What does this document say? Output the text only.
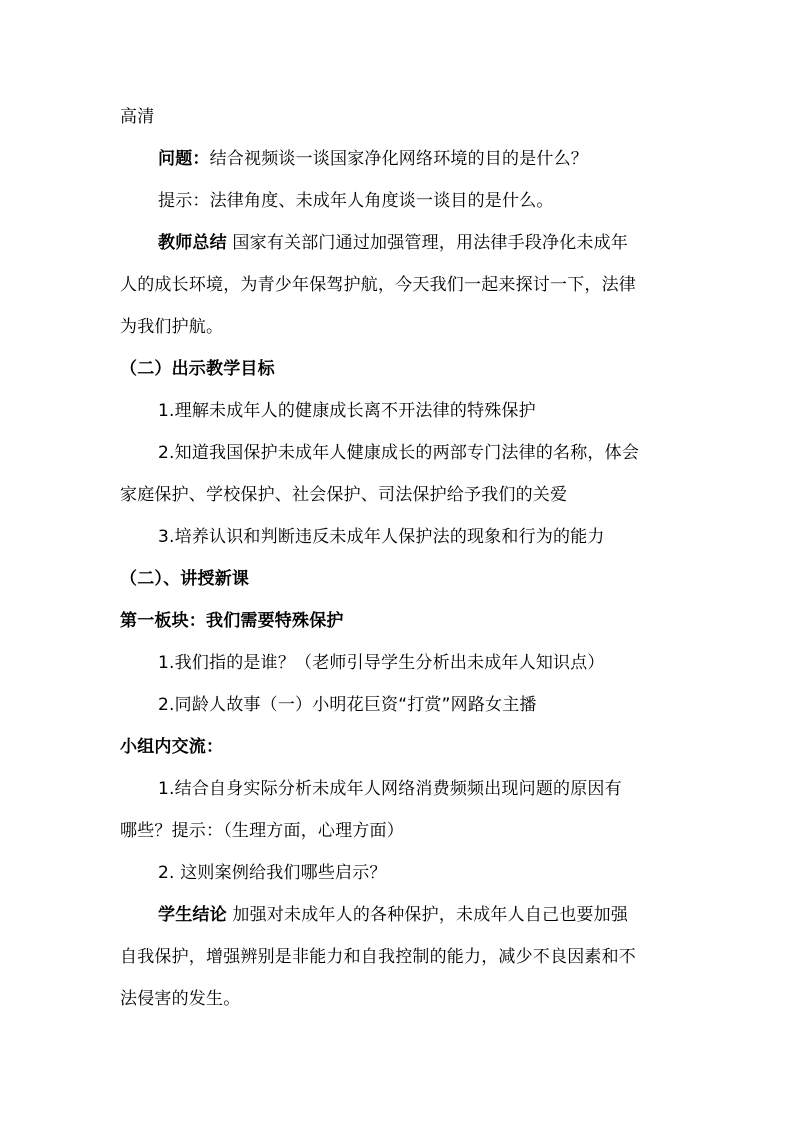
高清
问题：结合视频谈一谈国家净化网络环境的目的是什么？
提示：法律角度、未成年人角度谈一谈目的是什么。
教师总结 国家有关部门通过加强管理，用法律手段净化未成年
人的成长环境，为青少年保驾护航，今天我们一起来探讨一下，法律
为我们护航。
（二）出示教学目标
1.理解未成年人的健康成长离不开法律的特殊保护
2.知道我国保护未成年人健康成长的两部专门法律的名称，体会
家庭保护、学校保护、社会保护、司法保护给予我们的关爱
3.培养认识和判断违反未成年人保护法的现象和行为的能力
（二）、讲授新课
第一板块：我们需要特殊保护
1.我们指的是谁？（老师引导学生分析出未成年人知识点）
2.同龄人故事（一）小明花巨资“打赏”网路女主播
小组内交流：
1.结合自身实际分析未成年人网络消费频频出现问题的原因有
哪些？提示：（生理方面，心理方面）
2. 这则案例给我们哪些启示？
学生结论 加强对未成年人的各种保护，未成年人自己也要加强
自我保护，增强辨别是非能力和自我控制的能力，减少不良因素和不
法侵害的发生。
